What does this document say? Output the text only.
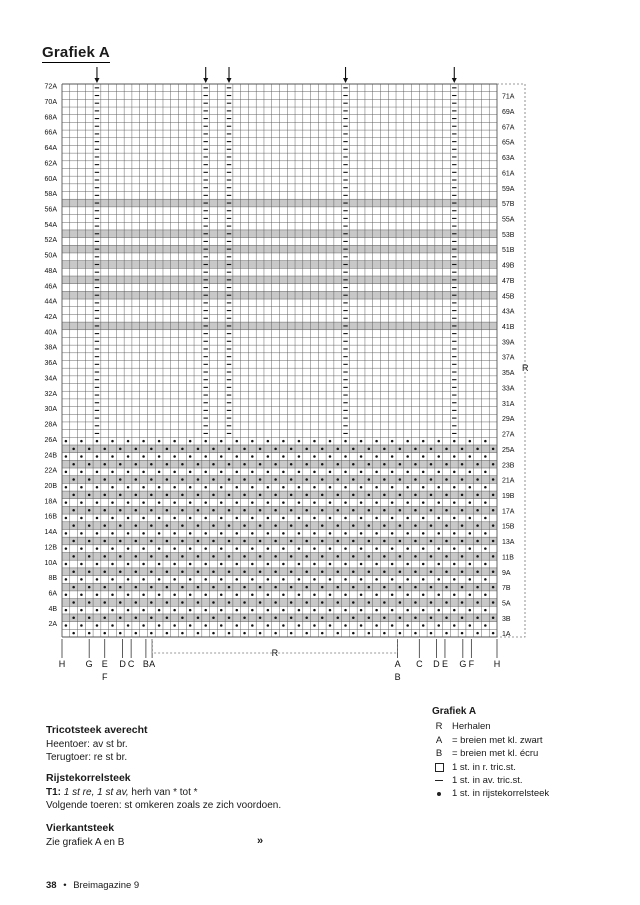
Grafiek A
72A
70A
68A
66A
64A
62A
60A
58A
56A
54A
52A
50A
48A
46A
44A
42A
40A
38A
36A
34A
32A
30A
28A
26A
24B
22A
20B
18A
16B
14A
12B
10A
8B
6A
4B
2A
71A
69A
67A
65A
63A
61A
59A
57B
55A
53B
51B
49B
47B
45B
43A
41B
39A
37A
35A
33A
31A
29A
27A
25A
23B
21A
19B
17A
15B
13A
11B
9A
7B
5A
3B
1A
R
H G E D C B A	A C D E G F H
F	B
R
Grafiek A
R	Herhalen
A	= breien met kl. zwart
B	= breien met kl. écru
1 st. in r. tric.st.
1 st. in av. tric.st.
1 st. in rijstekorrelsteek
Tricotsteek averecht
Heentoer: av st br.
Terugtoer: re st br.
Rijstekorrelsteek
T1: 1 st re, 1 st av, herh van * tot *
Volgende toeren: st omkeren zoals ze zich voordoen.
Vierkantsteek
Zie grafiek A en B	»
38 • Breimagazine 9
